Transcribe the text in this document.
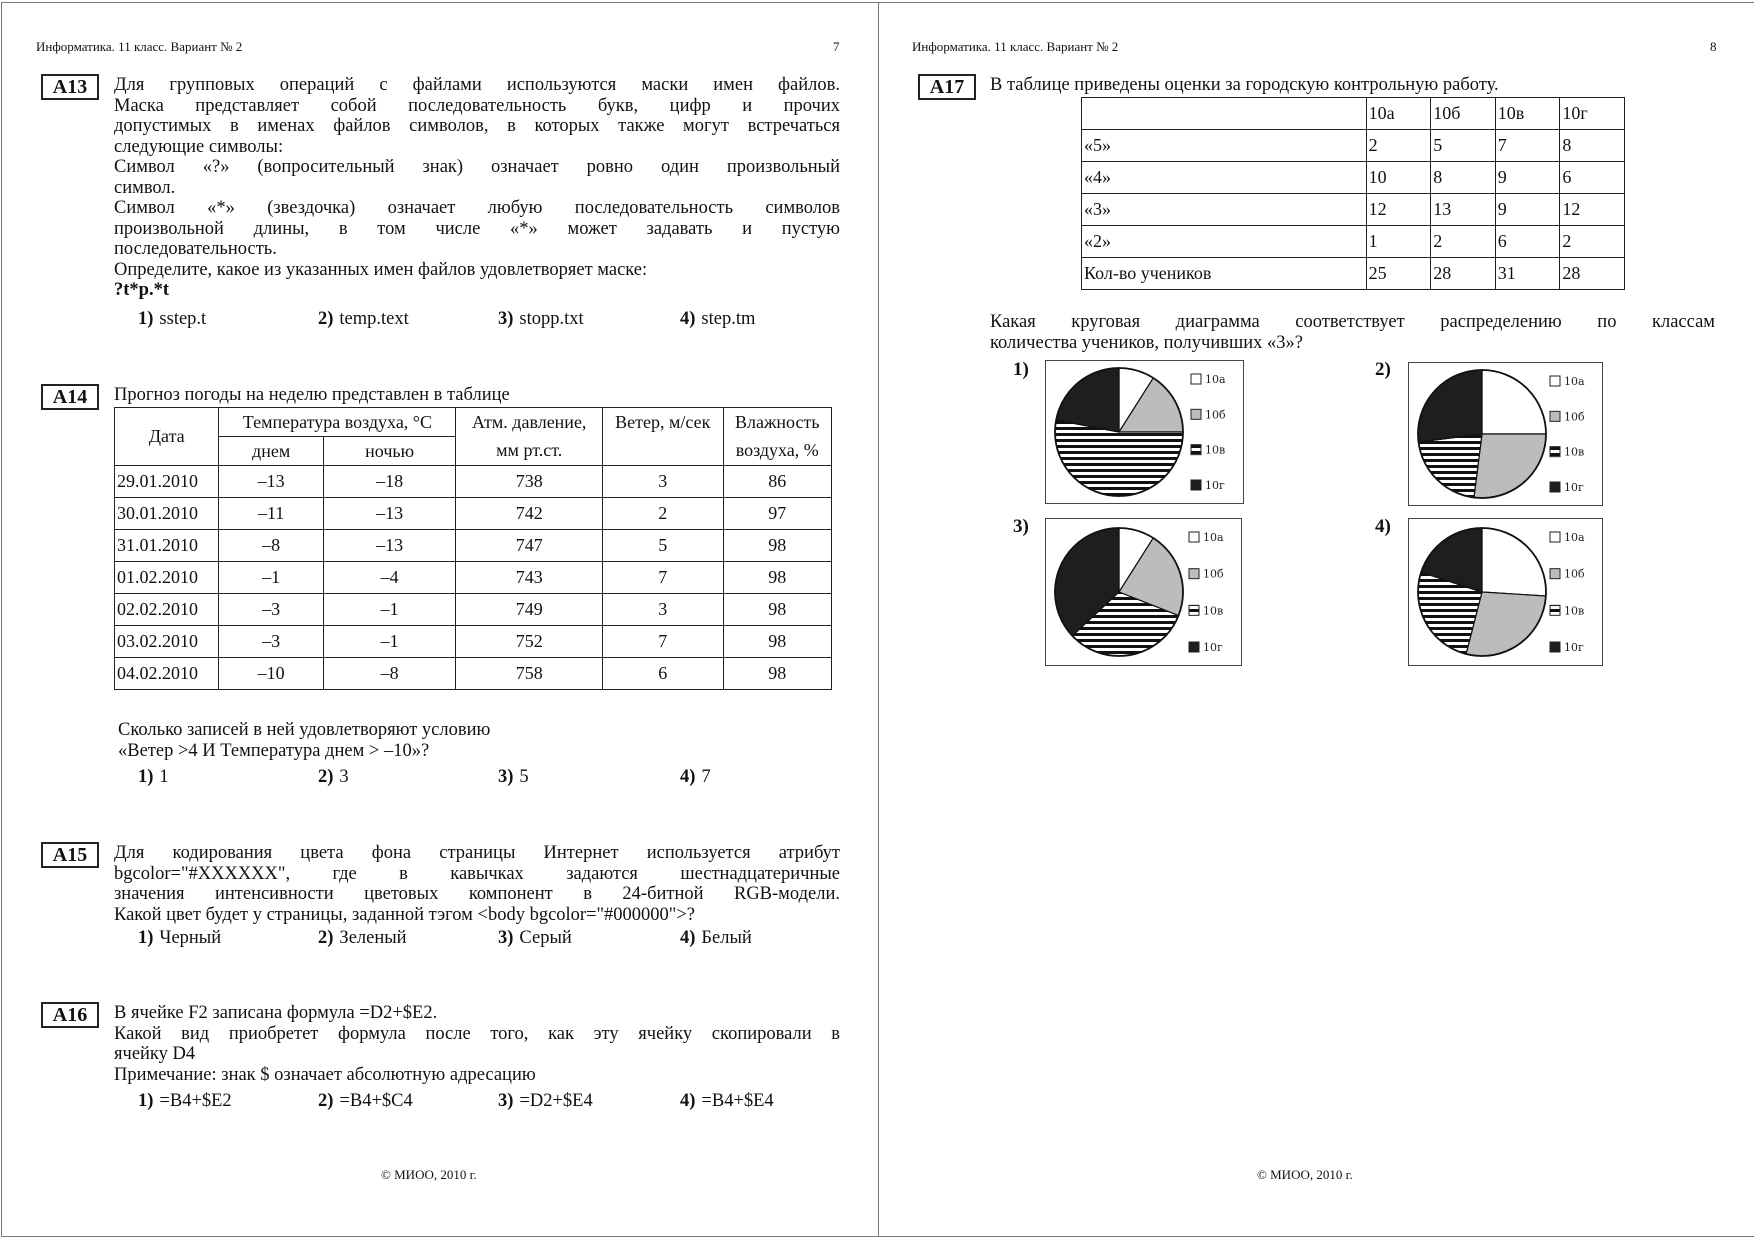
Информатика. 11 класс. Вариант № 2	7
А13	Для групповых операций с файлами используются маски имен файлов.
Маска представляет собой последовательность букв, цифр и прочих
допустимых в именах файлов символов, в которых также могут встречаться
следующие символы:
Символ «?» (вопросительный знак) означает ровно один произвольный
символ.
Символ «*» (звездочка) означает любую последовательность символов
произвольной длины, в том числе «*» может задавать и пустую
последовательность.
Определите, какое из указанных имен файлов удовлетворяет маске:
?t*p.*t
1) sstep.t	2) temp.text	3) stopp.txt	4) step.tm
А14	Прогноз погоды на неделю представлен в таблице
Дата	Температура воздуха, °С		Атм. давление,	Ветер, м/сек	Влажность
	днем	ночью	мм рт.ст.		воздуха, %
29.01.2010	–13	–18	738	3	86
30.01.2010	–11	–13	742	2	97
31.01.2010	–8	–13	747	5	98
01.02.2010	–1	–4	743	7	98
02.02.2010	–3	–1	749	3	98
03.02.2010	–3	–1	752	7	98
04.02.2010	–10	–8	758	6	98
Сколько записей в ней удовлетворяют условию
«Ветер >4 И Температура днем > –10»?
1) 1	2) 3	3) 5	4) 7
А15	Для кодирования цвета фона страницы Интернет используется атрибут
bgcolor="#XXXXXX", где в кавычках задаются шестнадцатеричные
значения интенсивности цветовых компонент в 24-битной RGB-модели.
Какой цвет будет у страницы, заданной тэгом <body bgcolor="#000000">?
1) Черный	2) Зеленый	3) Серый	4) Белый
А16	В ячейке F2 записана формула =D2+$E2.
Какой вид приобретет формула после того, как эту ячейку скопировали в
ячейку D4
Примечание: знак $ означает абсолютную адресацию
1) =B4+$E2	2) =B4+$C4	3) =D2+$E4	4) =B4+$E4
© МИОО, 2010 г.
Информатика. 11 класс. Вариант № 2	8
А17	В таблице приведены оценки за городскую контрольную работу.
	10а	10б	10в	10г
«5»	2	5	7	8
«4»	10	8	9	6
«3»	12	13	9	12
«2»	1	2	6	2
Кол-во учеников	25	28	31	28
Какая круговая диаграмма соответствует распределению по классам
количества учеников, получивших «3»?
1)	10а
10б
10в
10г
2)
10а
10б
10в
10г
3)
10а
10б
10в
10г
4)
10а
10б
10в
10г
© МИОО, 2010 г.
